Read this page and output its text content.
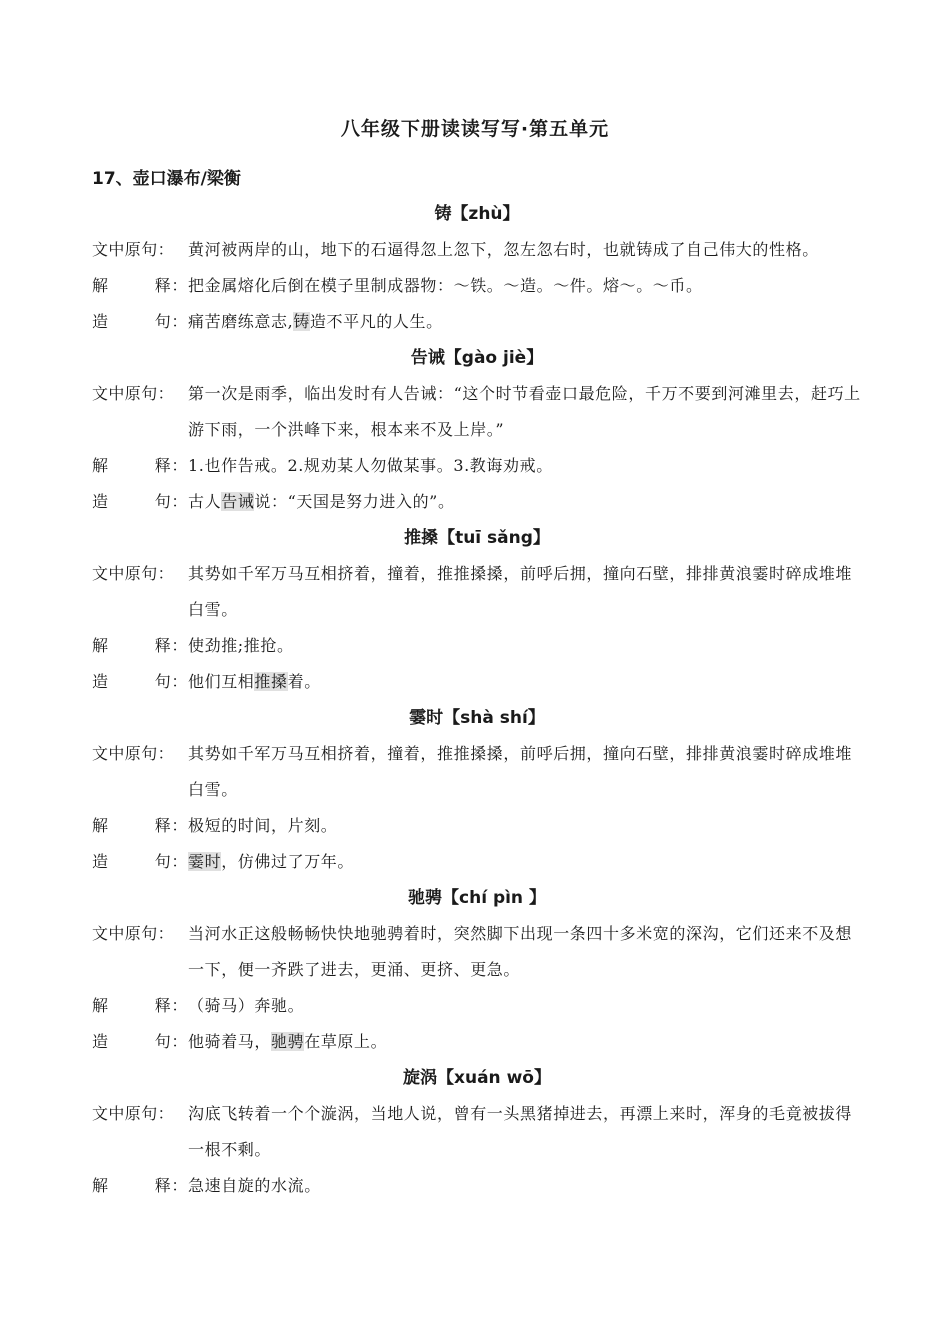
八年级下册读读写写·第五单元
17、壶口瀑布/梁衡
铸【zhù】
文中原句： 黄河被两岸的山，地下的石逼得忽上忽下，忽左忽右时，也就铸成了自己伟大的性格。
解	释： 把金属熔化后倒在模子里制成器物：～铁。～造。～件。熔～。～币。
造	句： 痛苦磨练意志,铸造不平凡的人生。
告诫【gào jiè】
文中原句： 第一次是雨季，临出发时有人告诫：“这个时节看壶口最危险，千万不要到河滩里去，赶巧上游下雨，一个洪峰下来，根本来不及上岸。”
解	释： 1.也作告戒。2.规劝某人勿做某事。3.教诲劝戒。
造	句： 古人告诫说：“天国是努力进入的”。
推搡【tuī sǎng】
文中原句： 其势如千军万马互相挤着，撞着，推推搡搡，前呼后拥，撞向石壁，排排黄浪霎时碎成堆堆白雪。
解	释： 使劲推;推抢。
造	句： 他们互相推搡着。
霎时【shà shí】
文中原句： 其势如千军万马互相挤着，撞着，推推搡搡，前呼后拥，撞向石壁，排排黄浪霎时碎成堆堆白雪。
解	释： 极短的时间，片刻。
造	句： 霎时，仿佛过了万年。
驰骋【chí pìn 】
文中原句： 当河水正这般畅畅快快地驰骋着时，突然脚下出现一条四十多米宽的深沟，它们还来不及想一下，便一齐跌了进去，更涌、更挤、更急。
解	释： （骑马）奔驰。
造	句： 他骑着马，驰骋在草原上。
旋涡【xuán wō】
文中原句： 沟底飞转着一个个漩涡，当地人说，曾有一头黑猪掉进去，再漂上来时，浑身的毛竟被拔得一根不剩。
解	释： 急速自旋的水流。
